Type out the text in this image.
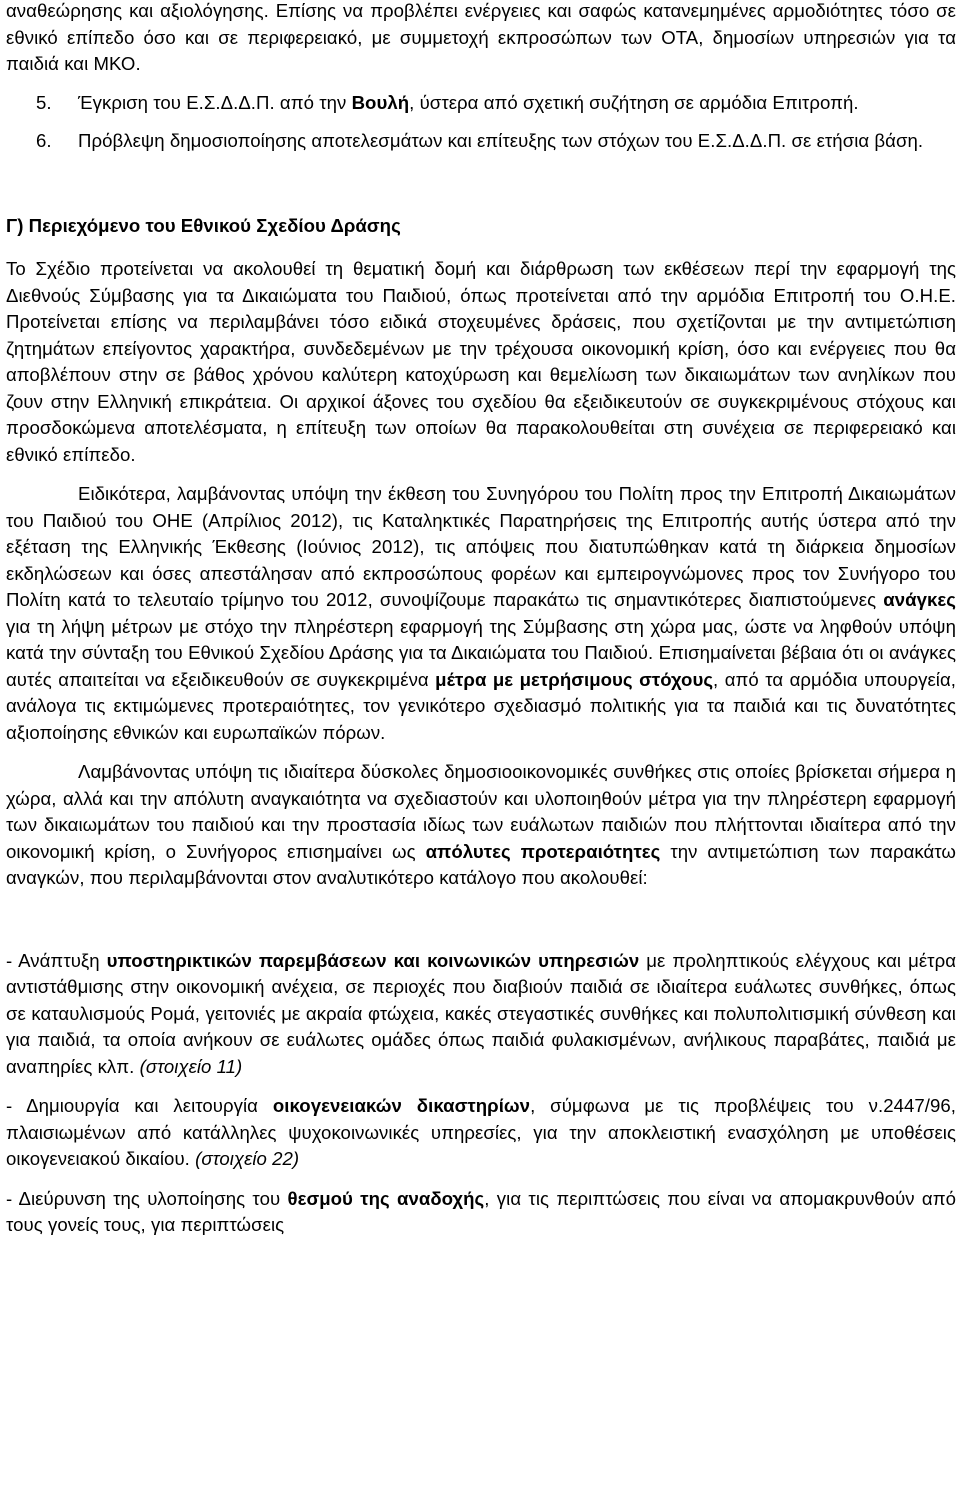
αναθεώρησης και αξιολόγησης. Επίσης να προβλέπει ενέργειες και σαφώς κατανεμημένες αρμοδιότητες τόσο σε εθνικό επίπεδο όσο και σε περιφερειακό, με συμμετοχή εκπροσώπων των ΟΤΑ, δημοσίων υπηρεσιών για τα παιδιά και ΜΚΟ.

5. Έγκριση του Ε.Σ.Δ.Δ.Π. από την Βουλή, ύστερα από σχετική συζήτηση σε αρμόδια Επιτροπή.

6. Πρόβλεψη δημοσιοποίησης αποτελεσμάτων και επίτευξης των στόχων του Ε.Σ.Δ.Δ.Π. σε ετήσια βάση.

Γ) Περιεχόμενο του Εθνικού Σχεδίου Δράσης

Το Σχέδιο προτείνεται να ακολουθεί τη θεματική δομή και διάρθρωση των εκθέσεων περί την εφαρμογή της Διεθνούς Σύμβασης για τα Δικαιώματα του Παιδιού, όπως προτείνεται από την αρμόδια Επιτροπή του Ο.Η.Ε. Προτείνεται επίσης να περιλαμβάνει τόσο ειδικά στοχευμένες δράσεις, που σχετίζονται με την αντιμετώπιση ζητημάτων επείγοντος χαρακτήρα, συνδεδεμένων με την τρέχουσα οικονομική κρίση, όσο και ενέργειες που θα αποβλέπουν στην σε βάθος χρόνου καλύτερη κατοχύρωση και θεμελίωση των δικαιωμάτων των ανηλίκων που ζουν στην Ελληνική επικράτεια. Οι αρχικοί άξονες του σχεδίου θα εξειδικευτούν σε συγκεκριμένους στόχους και προσδοκώμενα αποτελέσματα, η επίτευξη των οποίων θα παρακολουθείται στη συνέχεια σε περιφερειακό και εθνικό επίπεδο.

Ειδικότερα, λαμβάνοντας υπόψη την έκθεση του Συνηγόρου του Πολίτη προς την Επιτροπή Δικαιωμάτων του Παιδιού του ΟΗΕ (Απρίλιος 2012), τις Καταληκτικές Παρατηρήσεις της Επιτροπής αυτής ύστερα από την εξέταση της Ελληνικής Έκθεσης (Ιούνιος 2012), τις απόψεις που διατυπώθηκαν κατά τη διάρκεια δημοσίων εκδηλώσεων και όσες απεστάλησαν από εκπροσώπους φορέων και εμπειρογνώμονες προς τον Συνήγορο του Πολίτη κατά το τελευταίο τρίμηνο του 2012, συνοψίζουμε παρακάτω τις σημαντικότερες διαπιστούμενες ανάγκες για τη λήψη μέτρων με στόχο την πληρέστερη εφαρμογή της Σύμβασης στη χώρα μας, ώστε να ληφθούν υπόψη κατά την σύνταξη του Εθνικού Σχεδίου Δράσης για τα Δικαιώματα του Παιδιού. Επισημαίνεται βέβαια ότι οι ανάγκες αυτές απαιτείται να εξειδικευθούν σε συγκεκριμένα μέτρα με μετρήσιμους στόχους, από τα αρμόδια υπουργεία, ανάλογα τις εκτιμώμενες προτεραιότητες, τον γενικότερο σχεδιασμό πολιτικής για τα παιδιά και τις δυνατότητες αξιοποίησης εθνικών και ευρωπαϊκών πόρων.

Λαμβάνοντας υπόψη τις ιδιαίτερα δύσκολες δημοσιοοικονομικές συνθήκες στις οποίες βρίσκεται σήμερα η χώρα, αλλά και την απόλυτη αναγκαιότητα να σχεδιαστούν και υλοποιηθούν μέτρα για την πληρέστερη εφαρμογή των δικαιωμάτων του παιδιού και την προστασία ιδίως των ευάλωτων παιδιών που πλήττονται ιδιαίτερα από την οικονομική κρίση, ο Συνήγορος επισημαίνει ως απόλυτες προτεραιότητες την αντιμετώπιση των παρακάτω αναγκών, που περιλαμβάνονται στον αναλυτικότερο κατάλογο που ακολουθεί:

- Ανάπτυξη υποστηρικτικών παρεμβάσεων και κοινωνικών υπηρεσιών με προληπτικούς ελέγχους και μέτρα αντιστάθμισης στην οικονομική ανέχεια, σε περιοχές που διαβιούν παιδιά σε ιδιαίτερα ευάλωτες συνθήκες, όπως σε καταυλισμούς Ρομά, γειτονιές με ακραία φτώχεια, κακές στεγαστικές συνθήκες και πολυπολιτισμική σύνθεση και για παιδιά, τα οποία ανήκουν σε ευάλωτες ομάδες όπως παιδιά φυλακισμένων, ανήλικους παραβάτες, παιδιά με αναπηρίες κλπ. (στοιχείο 11)

- Δημιουργία και λειτουργία οικογενειακών δικαστηρίων, σύμφωνα με τις προβλέψεις του ν.2447/96, πλαισιωμένων από κατάλληλες ψυχοκοινωνικές υπηρεσίες, για την αποκλειστική ενασχόληση με υποθέσεις οικογενειακού δικαίου. (στοιχείο 22)

- Διεύρυνση της υλοποίησης του θεσμού της αναδοχής, για τις περιπτώσεις που είναι να απομακρυνθούν από τους γονείς τους, για περιπτώσεις
